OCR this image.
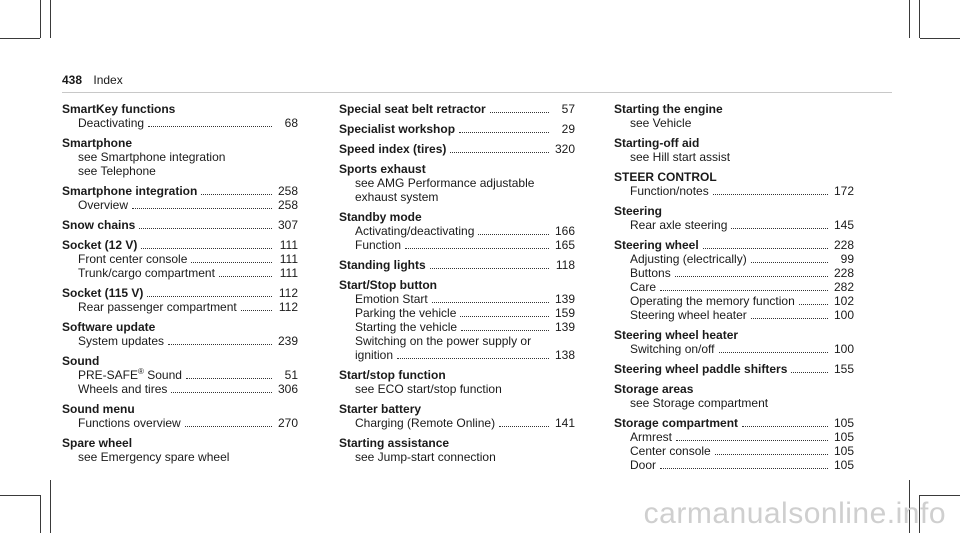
438 Index
SmartKey functions
Deactivating	68
Smartphone
see Smartphone integration
see Telephone
Smartphone integration	258
Overview	258
Snow chains	307
Socket (12 V)	111
Front center console	111
Trunk/cargo compartment	111
Socket (115 V)	112
Rear passenger compartment	112
Software update
System updates	239
Sound
PRE-SAFE® Sound	51
Wheels and tires	306
Sound menu
Functions overview	270
Spare wheel
see Emergency spare wheel
Special seat belt retractor	57
Specialist workshop	29
Speed index (tires)	320
Sports exhaust
see AMG Performance adjustable
exhaust system
Standby mode
Activating/deactivating	166
Function	165
Standing lights	118
Start/Stop button
Emotion Start	139
Parking the vehicle	159
Starting the vehicle	139
Switching on the power supply or
ignition	138
Start/stop function
see ECO start/stop function
Starter battery
Charging (Remote Online)	141
Starting assistance
see Jump-start connection
Starting the engine
see Vehicle
Starting-off aid
see Hill start assist
STEER CONTROL
Function/notes	172
Steering
Rear axle steering	145
Steering wheel	228
Adjusting (electrically)	99
Buttons	228
Care	282
Operating the memory function	102
Steering wheel heater	100
Steering wheel heater
Switching on/off	100
Steering wheel paddle shifters	155
Storage areas
see Storage compartment
Storage compartment	105
Armrest	105
Center console	105
Door	105
carmanualsonline.info
